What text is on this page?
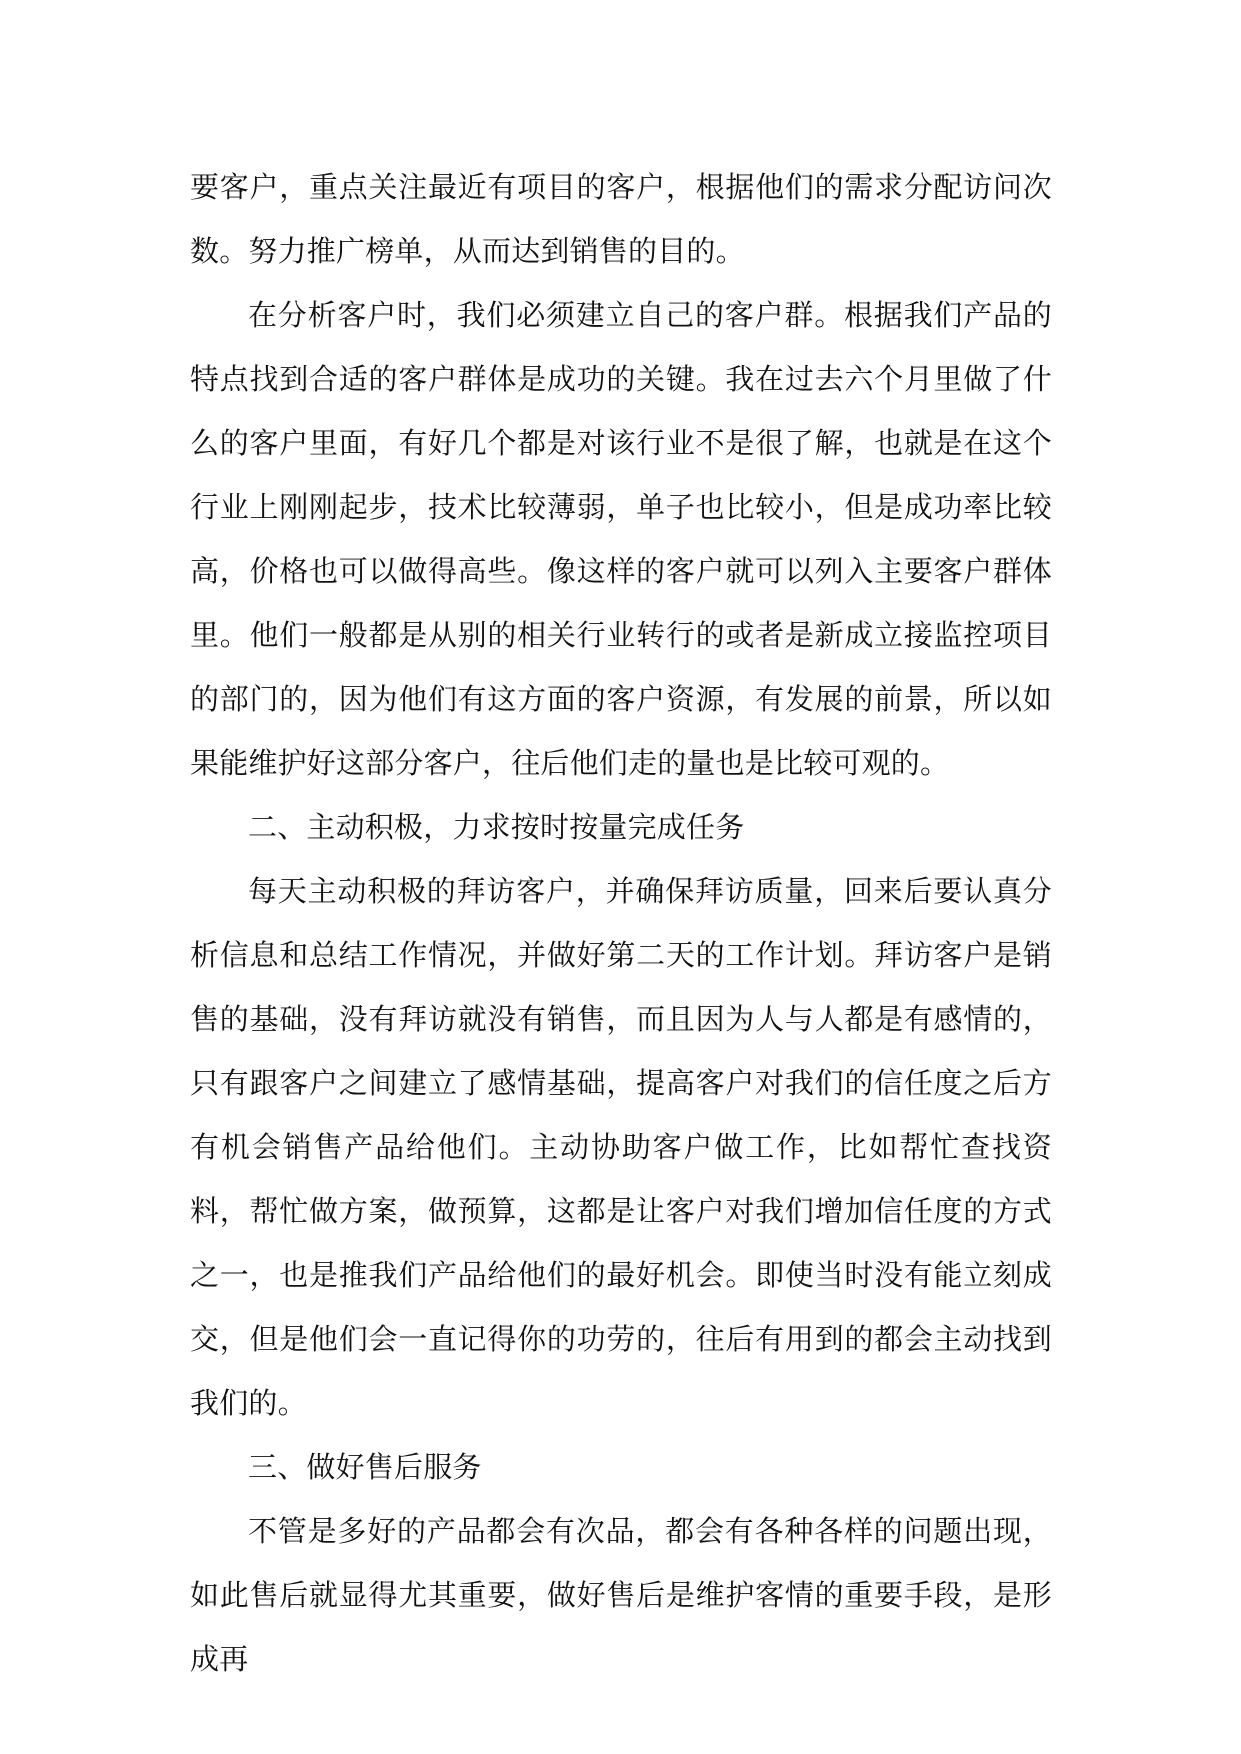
要客户，重点关注最近有项目的客户，根据他们的需求分配访问次数。努力推广榜单，从而达到销售的目的。

在分析客户时，我们必须建立自己的客户群。根据我们产品的特点找到合适的客户群体是成功的关键。我在过去六个月里做了什么的客户里面，有好几个都是对该行业不是很了解，也就是在这个行业上刚刚起步，技术比较薄弱，单子也比较小，但是成功率比较高，价格也可以做得高些。像这样的客户就可以列入主要客户群体里。他们一般都是从别的相关行业转行的或者是新成立接监控项目的部门的，因为他们有这方面的客户资源，有发展的前景，所以如果能维护好这部分客户，往后他们走的量也是比较可观的。

二、主动积极，力求按时按量完成任务

每天主动积极的拜访客户，并确保拜访质量，回来后要认真分析信息和总结工作情况，并做好第二天的工作计划。拜访客户是销售的基础，没有拜访就没有销售，而且因为人与人都是有感情的，只有跟客户之间建立了感情基础，提高客户对我们的信任度之后方有机会销售产品给他们。主动协助客户做工作，比如帮忙查找资料，帮忙做方案，做预算，这都是让客户对我们增加信任度的方式之一，也是推我们产品给他们的最好机会。即使当时没有能立刻成交，但是他们会一直记得你的功劳的，往后有用到的都会主动找到我们的。

三、做好售后服务

不管是多好的产品都会有次品，都会有各种各样的问题出现，如此售后就显得尤其重要，做好售后是维护客情的重要手段，是形成再
